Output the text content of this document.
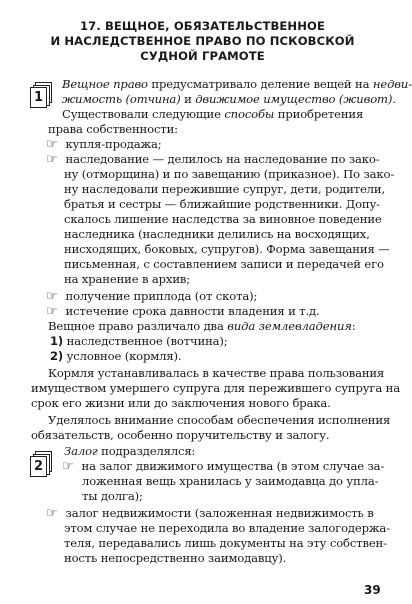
17. ВЕЩНОЕ, ОБЯЗАТЕЛЬСТВЕННОЕ
И НАСЛЕДСТВЕННОЕ ПРАВО ПО ПСКОВСКОЙ
СУДНОЙ ГРАМОТЕ
1
Вещное право предусматривало деление вещей на недви-
жимость (отчина) и движимое имущество (живот).
Существовали следующие способы приобретения
права собственности:
☞ купля-продажа;
☞ наследование — делилось на наследование по зако-
ну (отморщина) и по завещанию (приказное). По зако-
ну наследовали пережившие супруг, дети, родители,
братья и сестры — ближайшие родственники. Допу-
скалось лишение наследства за виновное поведение
наследника (наследники делились на восходящих,
нисходящих, боковых, супругов). Форма завещания —
письменная, с составлением записи и передачей его
на хранение в архив;
☞ получение приплода (от скота);
☞ истечение срока давности владения и т.д.
Вещное право различало два вида землевладения:
1) наследственное (вотчина);
2) условное (кормля).
Кормля устанавливалась в качестве права пользования
имуществом умершего супруга для пережившего супруга на
срок его жизни или до заключения нового брака.
Уделялось внимание способам обеспечения исполнения
обязательств, особенно поручительству и залогу.
2
Залог подразделялся:
☞ на залог движимого имущества (в этом случае за-
ложенная вещь хранилась у заимодавца до упла-
ты долга);
☞ залог недвижимости (заложенная недвижимость в
этом случае не переходила во владение залогодержа-
теля, передавались лишь документы на эту собствен-
ность непосредственно заимодавцу).
39
